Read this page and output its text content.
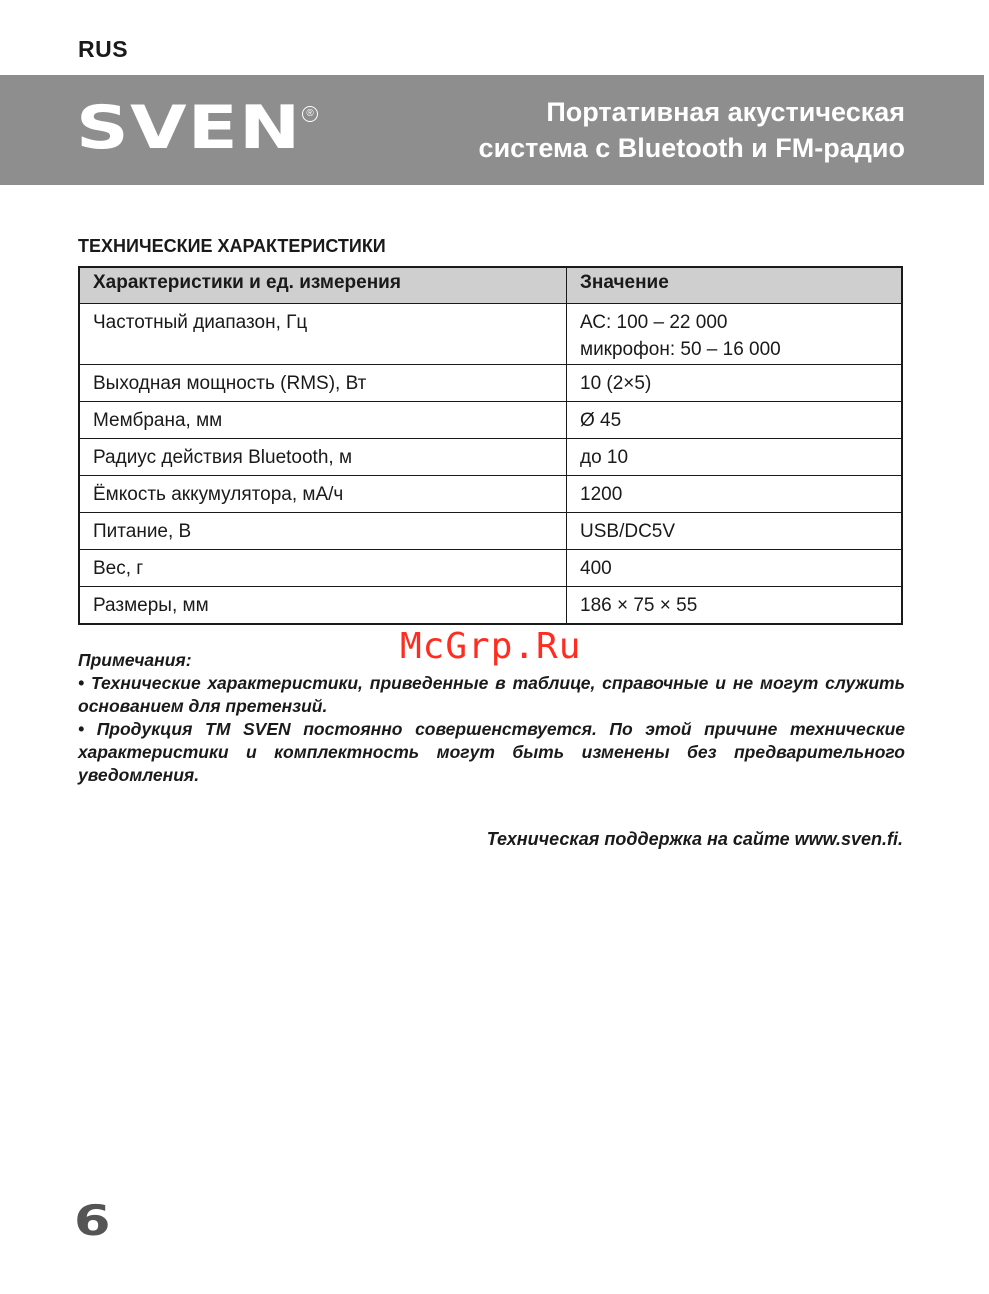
RUS
SVEN ®	Портативная акустическая
система с Bluetooth и FM-радио
ТЕХНИЧЕСКИЕ ХАРАКТЕРИСТИКИ
Характеристики и ед. измерения	Значение
Частотный диапазон, Гц	АС: 100 – 22 000
микрофон: 50 – 16 000

Выходная мощность (RMS), Вт	10 (2×5)
Мембрана, мм	Ø 45
Радиус действия Bluetooth, м	до 10
Ёмкость аккумулятора, мА/ч	1200
Питание, В	USB/DC5V
Вес, г	400
Размеры, мм	186 × 75 × 55
McGrp.Ru

Примечания:

• Технические характеристики, приведенные в таблице, справочные и не могут служить основанием для претензий.

• Продукция ТМ SVEN постоянно совершенствуется. По этой причине технические характеристики и комплектность могут быть изменены без предварительного уведомления.

Техническая поддержка на сайте www.sven.fi.
6
